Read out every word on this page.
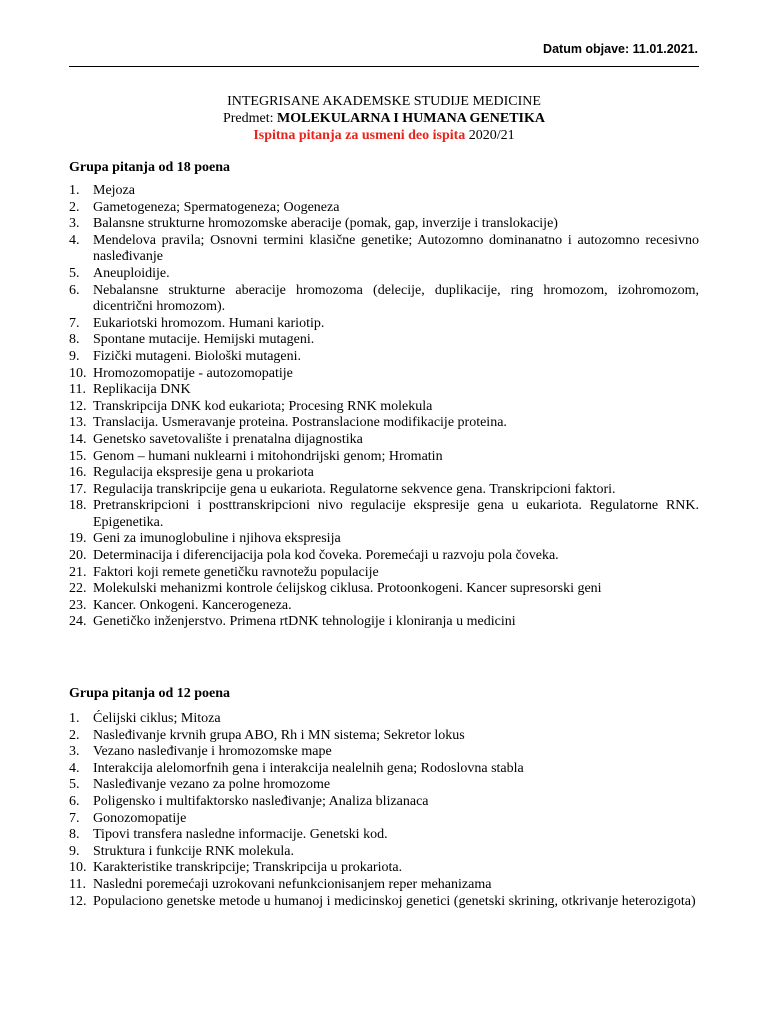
Datum objave: 11.01.2021.
INTEGRISANE AKADEMSKE STUDIJE MEDICINE
Predmet: MOLEKULARNA I HUMANA GENETIKA
Ispitna pitanja za usmeni deo ispita 2020/21
Grupa pitanja od 18 poena
1. Mejoza
2. Gametogeneza; Spermatogeneza; Oogeneza
3. Balansne strukturne hromozomske aberacije (pomak, gap, inverzije i translokacije)
4. Mendelova pravila; Osnovni termini klasične genetike; Autozomno dominanatno i autozomno recesivno nasleđivanje
5. Aneuploidije.
6. Nebalansne strukturne aberacije hromozoma (delecije, duplikacije, ring hromozom, izohromozom, dicentrični hromozom).
7. Eukariotski hromozom. Humani kariotip.
8. Spontane mutacije. Hemijski mutageni.
9. Fizički mutageni. Biološki mutageni.
10. Hromozomopatije - autozomopatije
11. Replikacija DNK
12. Transkripcija DNK kod eukariota; Procesing RNK molekula
13. Translacija. Usmeravanje proteina. Postranslacione modifikacije proteina.
14. Genetsko savetovalište i prenatalna dijagnostika
15. Genom – humani nuklearni i mitohondrijski genom; Hromatin
16. Regulacija ekspresije gena u prokariota
17. Regulacija transkripcije gena u eukariota. Regulatorne sekvence gena. Transkripcioni faktori.
18. Pretranskripcioni i posttranskripcioni nivo regulacije ekspresije gena u eukariota. Regulatorne RNK. Epigenetika.
19. Geni za imunoglobuline i njihova ekspresija
20. Determinacija i diferencijacija pola kod čoveka. Poremećaji u razvoju pola čoveka.
21. Faktori koji remete genetičku ravnotežu populacije
22. Molekulski mehanizmi kontrole ćelijskog ciklusa. Protoonkogeni. Kancer supresorski geni
23. Kancer. Onkogeni. Kancerogeneza.
24. Genetičko inženjerstvo. Primena rtDNK tehnologije i kloniranja u medicini
Grupa pitanja od 12 poena
1. Ćelijski ciklus; Mitoza
2. Nasleđivanje krvnih grupa ABO, Rh i MN sistema; Sekretor lokus
3. Vezano nasleđivanje i hromozomske mape
4. Interakcija alelomorfnih gena i interakcija nealelnih gena; Rodoslovna stabla
5. Nasleđivanje vezano za polne hromozome
6. Poligensko i multifaktorsko nasleđivanje; Analiza blizanaca
7. Gonozomopatije
8. Tipovi transfera nasledne informacije. Genetski kod.
9. Struktura i funkcije RNK molekula.
10. Karakteristike transkripcije; Transkripcija u prokariota.
11. Nasledni poremećaji uzrokovani nefunkcionisanjem reper mehanizama
12. Populaciono genetske metode u humanoj i medicinskoj genetici (genetski skrining, otkrivanje heterozigota)
